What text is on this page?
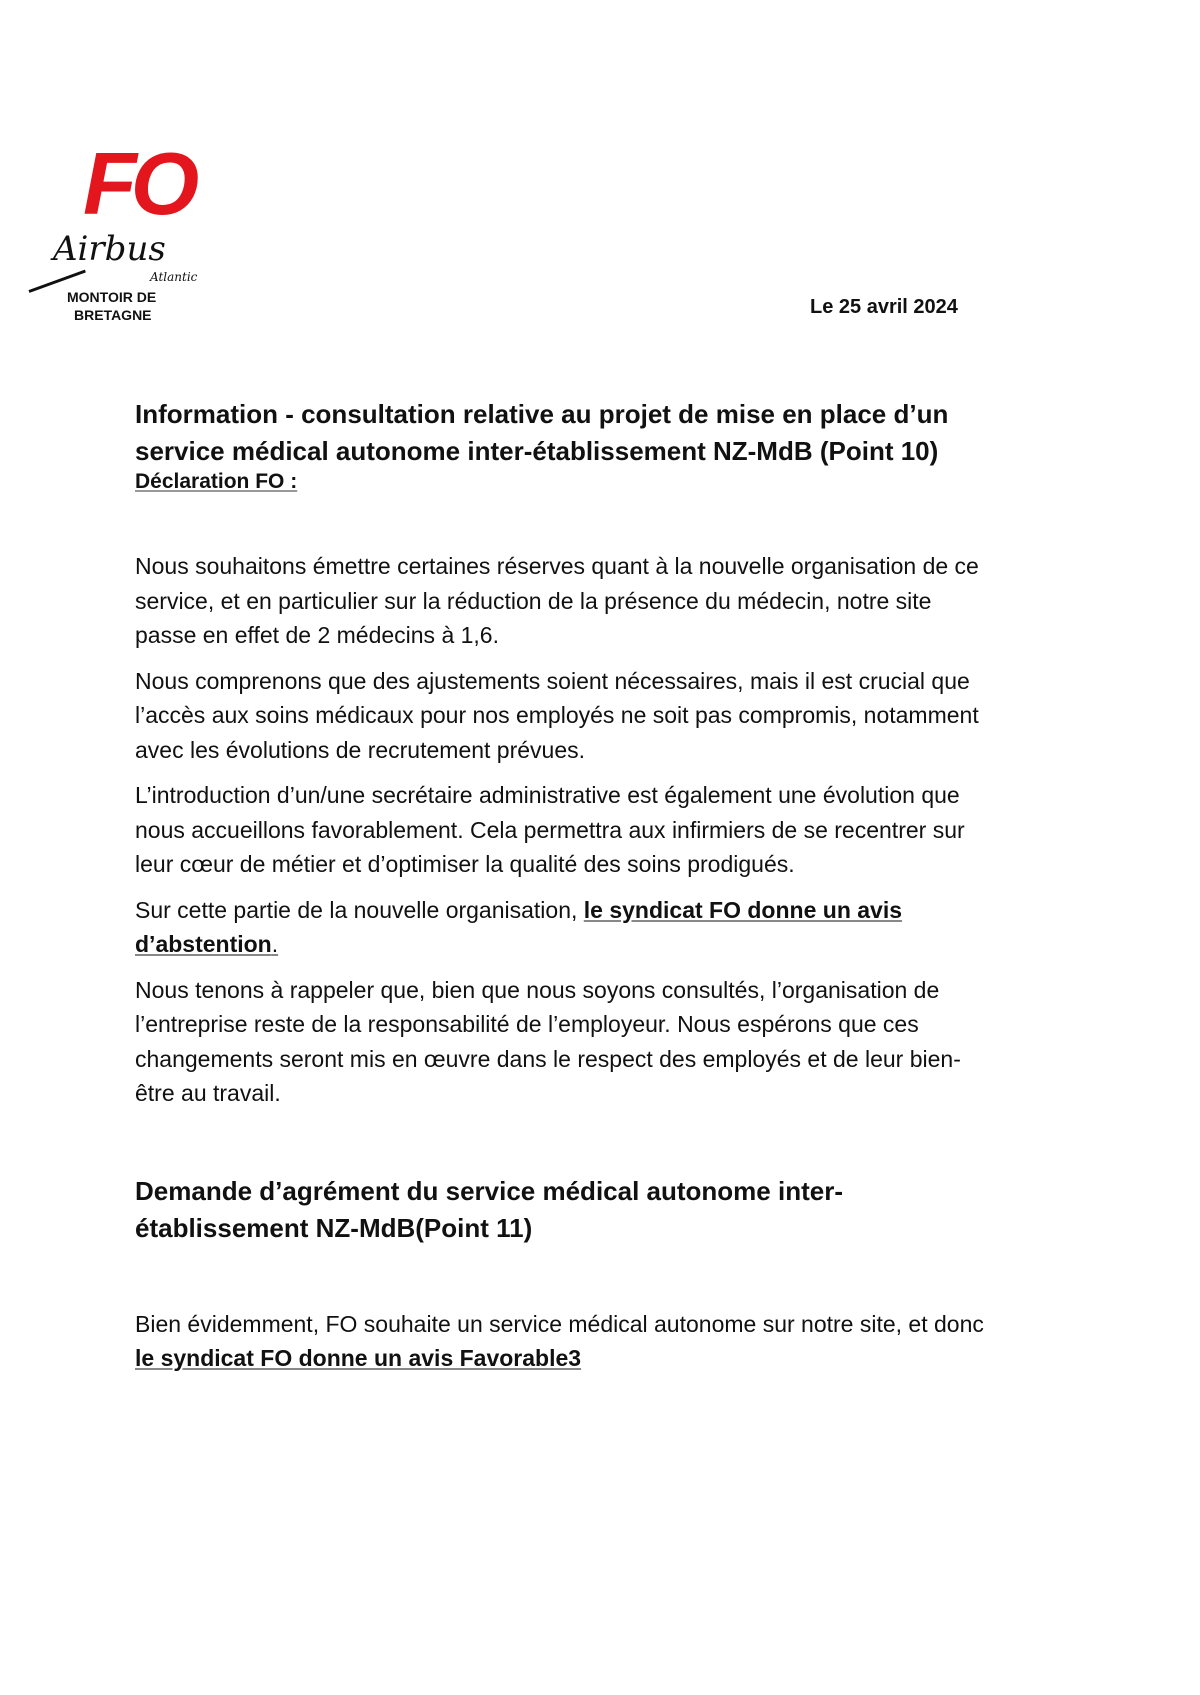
FO
Airbus
Atlantic
MONTOIR DE
BRETAGNE	Le 25 avril 2024
Information - consultation relative au projet de mise en place d’un service médical autonome inter-établissement NZ-MdB (Point 10)
Déclaration FO :

Nous souhaitons émettre certaines réserves quant à la nouvelle organisation de ce service, et en particulier sur la réduction de la présence du médecin, notre site passe en effet de 2 médecins à 1,6.

Nous comprenons que des ajustements soient nécessaires, mais il est crucial que l’accès aux soins médicaux pour nos employés ne soit pas compromis, notamment avec les évolutions de recrutement prévues.

L’introduction d’un/une secrétaire administrative est également une évolution que nous accueillons favorablement. Cela permettra aux infirmiers de se recentrer sur leur cœur de métier et d’optimiser la qualité des soins prodigués.

Sur cette partie de la nouvelle organisation, le syndicat FO donne un avis d’abstention.

Nous tenons à rappeler que, bien que nous soyons consultés, l’organisation de l’entreprise reste de la responsabilité de l’employeur. Nous espérons que ces changements seront mis en œuvre dans le respect des employés et de leur bien-être au travail.

Demande d’agrément du service médical autonome inter-établissement NZ-MdB(Point 11)

Bien évidemment, FO souhaite un service médical autonome sur notre site, et donc le syndicat FO donne un avis Favorable3
